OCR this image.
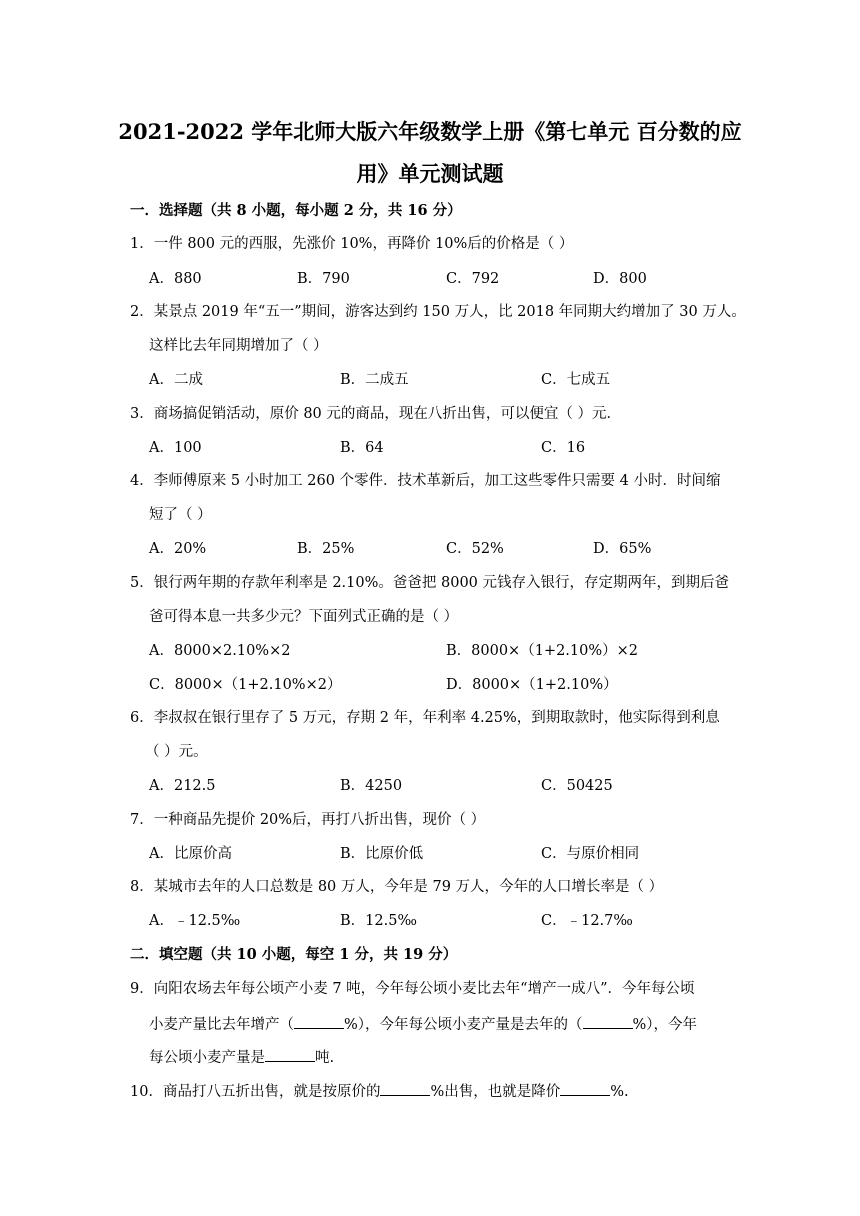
2021-2022 学年北师大版六年级数学上册《第七单元 百分数的应
用》单元测试题
一．选择题（共 8 小题，每小题 2 分，共 16 分）
1．一件 800 元的西服，先涨价 10%，再降价 10%后的价格是（ ）
A．880	B．790	C．792	D．800
2．某景点 2019 年“五一”期间，游客达到约 150 万人，比 2018 年同期大约增加了 30 万人。
这样比去年同期增加了（ ）
A．二成	B．二成五	C．七成五
3．商场搞促销活动，原价 80 元的商品，现在八折出售，可以便宜（ ）元．
A．100	B．64	C．16
4．李师傅原来 5 小时加工 260 个零件．技术革新后，加工这些零件只需要 4 小时．时间缩
短了（ ）
A．20%	B．25%	C．52%	D．65%
5．银行两年期的存款年利率是 2.10%。爸爸把 8000 元钱存入银行，存定期两年，到期后爸
爸可得本息一共多少元？下面列式正确的是（ ）
A．8000×2.10%×2	B．8000×（1+2.10%）×2
C．8000×（1+2.10%×2）	D．8000×（1+2.10%）
6．李叔叔在银行里存了 5 万元，存期 2 年，年利率 4.25%，到期取款时，他实际得到利息
（ ）元。
A．212.5	B．4250	C．50425
7．一种商品先提价 20%后，再打八折出售，现价（ ）
A．比原价高	B．比原价低	C．与原价相同
8．某城市去年的人口总数是 80 万人，今年是 79 万人，今年的人口增长率是（ ）
A．﹣12.5‰	B．12.5‰	C．﹣12.7‰
二．填空题（共 10 小题，每空 1 分，共 19 分）
9．向阳农场去年每公顷产小麦 7 吨，今年每公顷小麦比去年“增产一成八”．今年每公顷
小麦产量比去年增产（	%），今年每公顷小麦产量是去年的（	%），今年
每公顷小麦产量是	吨.
10．商品打八五折出售，就是按原价的	%出售，也就是降价	%.
